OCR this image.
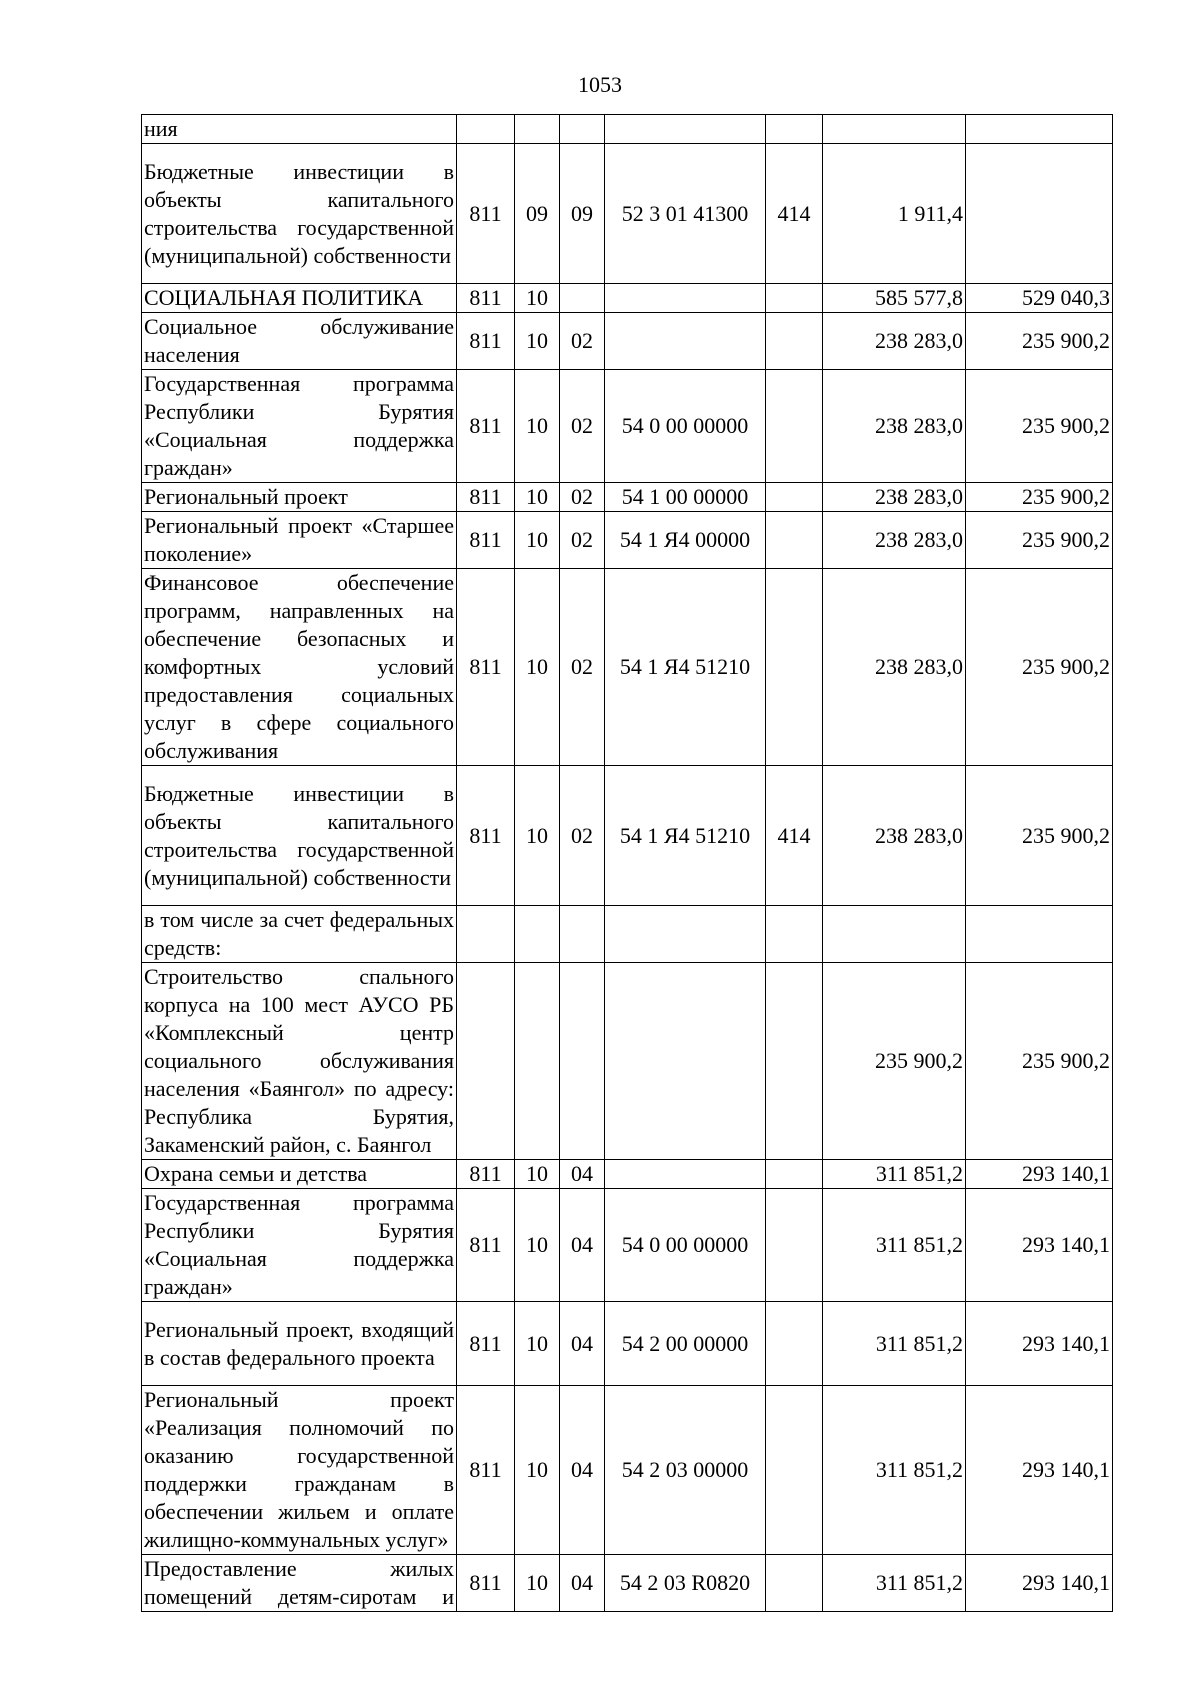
1053
ния							
Бюджетные инвестиции в объекты капитального строительства государственной (муниципальной) собственности	811	09	09	52 3 01 41300	414	1 911,4	
СОЦИАЛЬНАЯ ПОЛИТИКА	811	10				585 577,8	529 040,3
Социальное обслуживание населения	811	10	02			238 283,0	235 900,2
Государственная программа Республики Бурятия «Социальная поддержка граждан»	811	10	02	54 0 00 00000		238 283,0	235 900,2
Региональный проект	811	10	02	54 1 00 00000		238 283,0	235 900,2
Региональный проект «Старшее поколение»	811	10	02	54 1 Я4 00000		238 283,0	235 900,2
Финансовое обеспечение программ, направленных на обеспечение безопасных и комфортных условий предоставления социальных услуг в сфере социального обслуживания	811	10	02	54 1 Я4 51210		238 283,0	235 900,2
Бюджетные инвестиции в объекты капитального строительства государственной (муниципальной) собственности	811	10	02	54 1 Я4 51210	414	238 283,0	235 900,2
в том числе за счет федеральных средств:							
Строительство спального корпуса на 100 мест АУСО РБ «Комплексный центр социального обслуживания населения «Баянгол» по адресу: Республика Бурятия, Закаменский район, с. Баянгол						235 900,2	235 900,2
Охрана семьи и детства	811	10	04			311 851,2	293 140,1
Государственная программа Республики Бурятия «Социальная поддержка граждан»	811	10	04	54 0 00 00000		311 851,2	293 140,1
Региональный проект, входящий в состав федерального проекта	811	10	04	54 2 00 00000		311 851,2	293 140,1
Региональный проект «Реализация полномочий по оказанию государственной поддержки гражданам в обеспечении жильем и оплате жилищно-коммунальных услуг»	811	10	04	54 2 03 00000		311 851,2	293 140,1
Предоставление жилых помещений детям-сиротам и	811	10	04	54 2 03 R0820		311 851,2	293 140,1
